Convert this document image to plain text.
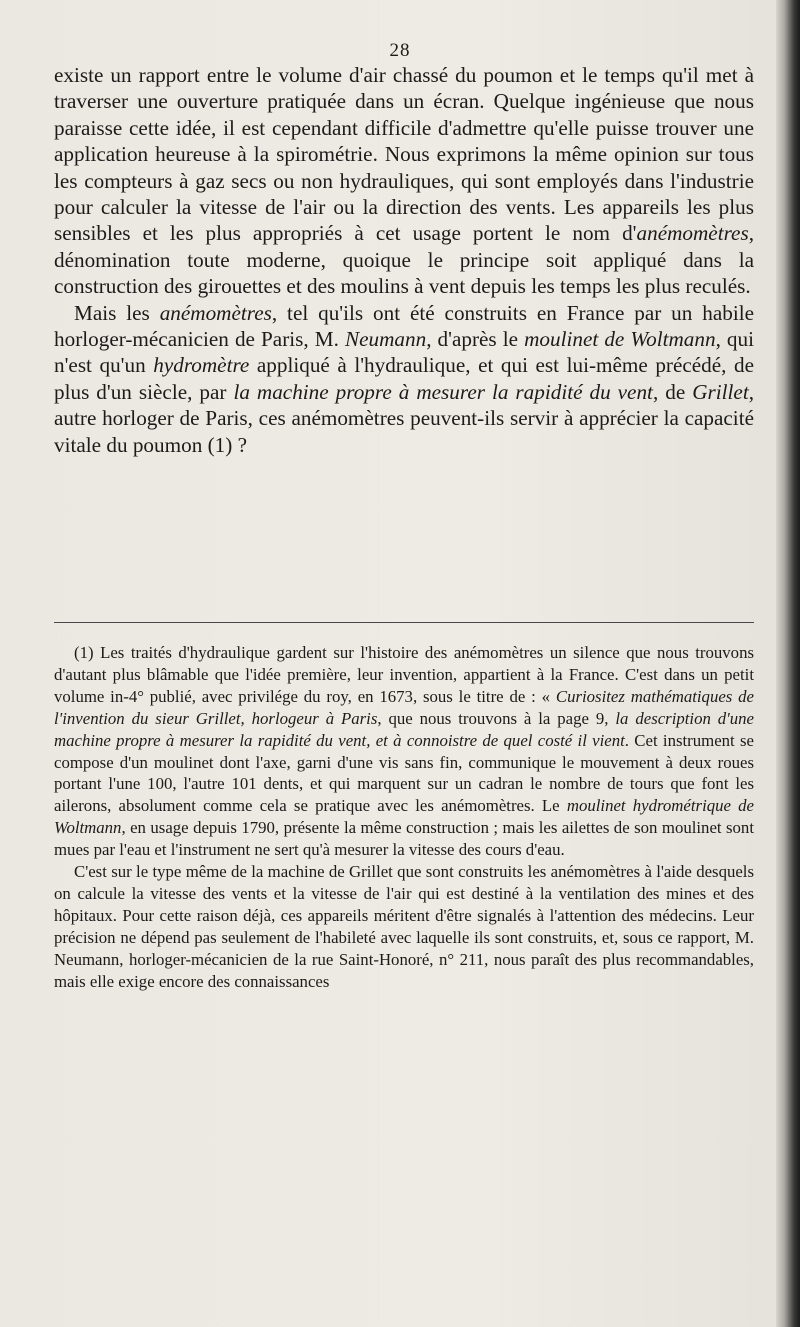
28

existe un rapport entre le volume d'air chassé du poumon et le temps qu'il met à traverser une ouverture pratiquée dans un écran. Quelque ingénieuse que nous paraisse cette idée, il est cependant difficile d'admettre qu'elle puisse trouver une application heureuse à la spirométrie. Nous exprimons la même opinion sur tous les compteurs à gaz secs ou non hydrauliques, qui sont employés dans l'industrie pour calculer la vitesse de l'air ou la direction des vents. Les appareils les plus sensibles et les plus appropriés à cet usage portent le nom d'anémomètres, dénomination toute moderne, quoique le principe soit appliqué dans la construction des girouettes et des moulins à vent depuis les temps les plus reculés.

Mais les anémomètres, tel qu'ils ont été construits en France par un habile horloger-mécanicien de Paris, M. Neumann, d'après le moulinet de Woltmann, qui n'est qu'un hydromètre appliqué à l'hydraulique, et qui est lui-même précédé, de plus d'un siècle, par la machine propre à mesurer la rapidité du vent, de Grillet, autre horloger de Paris, ces anémomètres peuvent-ils servir à apprécier la capacité vitale du poumon (1) ?

(1) Les traités d'hydraulique gardent sur l'histoire des anémomètres un silence que nous trouvons d'autant plus blâmable que l'idée première, leur invention, appartient à la France. C'est dans un petit volume in-4° publié, avec privilége du roy, en 1673, sous le titre de : « Curiositez mathématiques de l'invention du sieur Grillet, horlogeur à Paris, que nous trouvons à la page 9, la description d'une machine propre à mesurer la rapidité du vent, et à connoistre de quel costé il vient. Cet instrument se compose d'un moulinet dont l'axe, garni d'une vis sans fin, communique le mouvement à deux roues portant l'une 100, l'autre 101 dents, et qui marquent sur un cadran le nombre de tours que font les ailerons, absolument comme cela se pratique avec les anémomètres. Le moulinet hydrométrique de Woltmann, en usage depuis 1790, présente la même construction ; mais les ailettes de son moulinet sont mues par l'eau et l'instrument ne sert qu'à mesurer la vitesse des cours d'eau.

C'est sur le type même de la machine de Grillet que sont construits les anémomètres à l'aide desquels on calcule la vitesse des vents et la vitesse de l'air qui est destiné à la ventilation des mines et des hôpitaux. Pour cette raison déjà, ces appareils méritent d'être signalés à l'attention des médecins. Leur précision ne dépend pas seulement de l'habileté avec laquelle ils sont construits, et, sous ce rapport, M. Neumann, horloger-mécanicien de la rue Saint-Honoré, n° 211, nous paraît des plus recommandables, mais elle exige encore des connaissances
